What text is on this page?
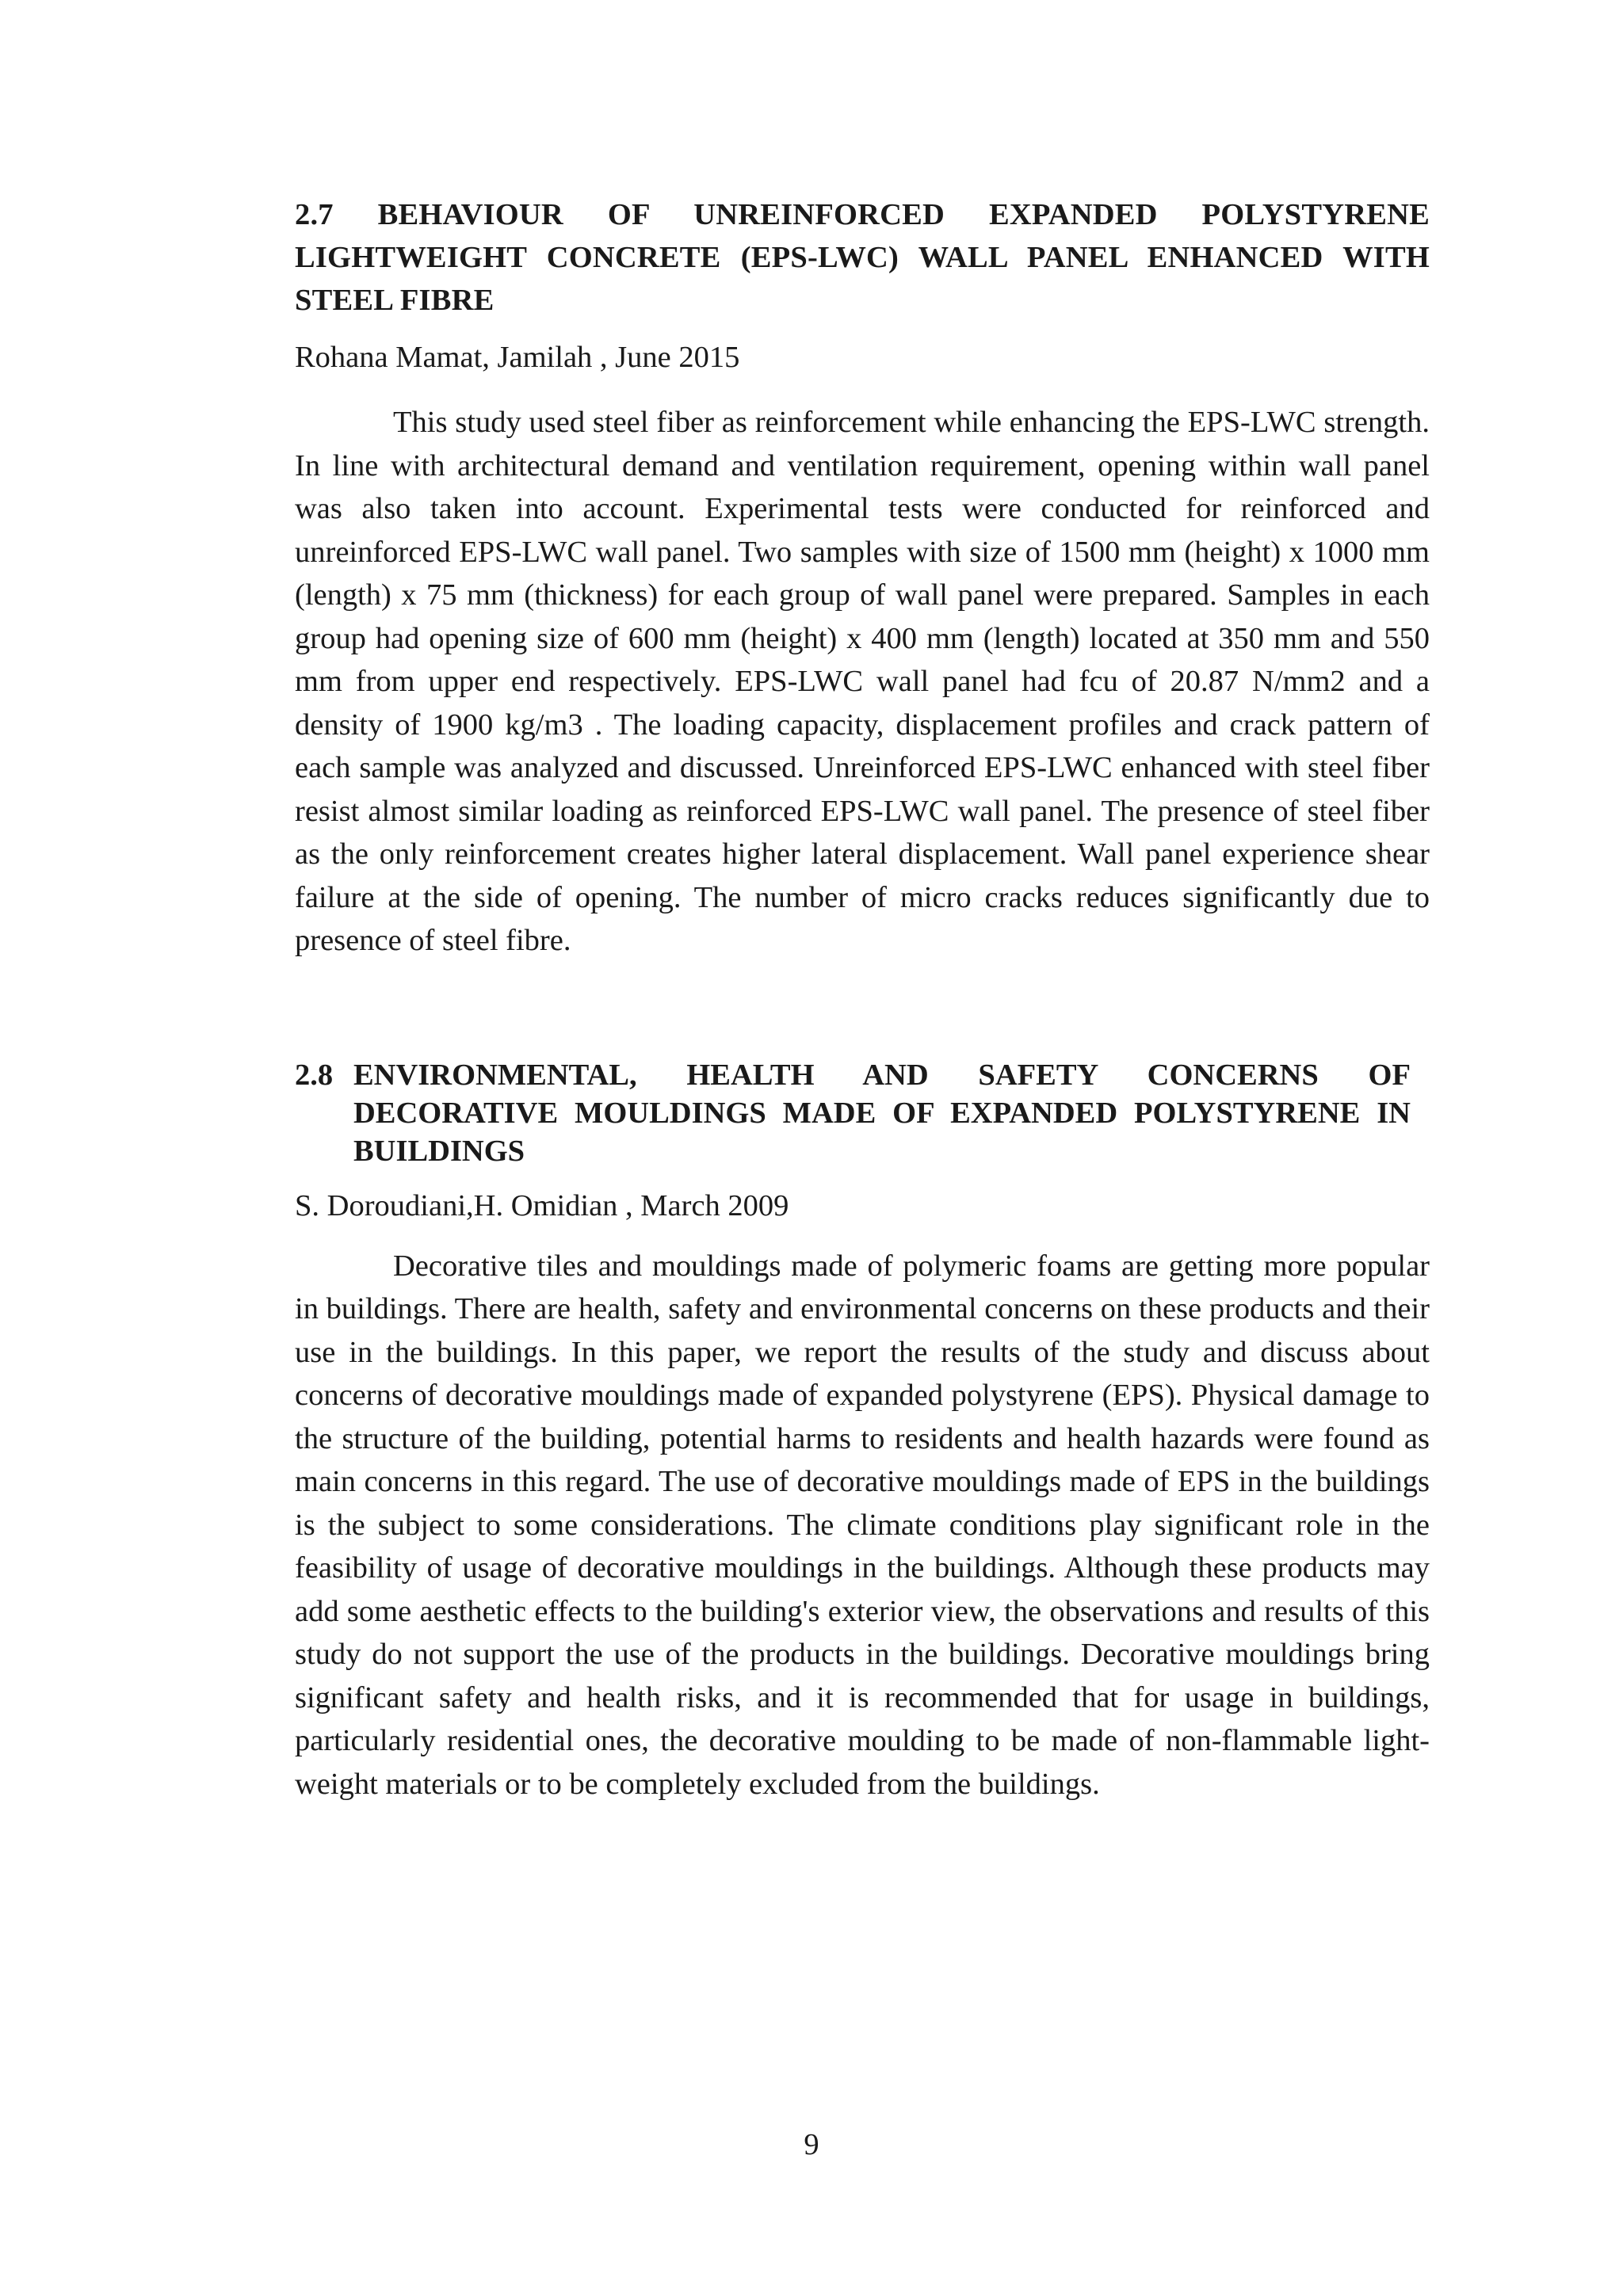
2.7 BEHAVIOUR OF UNREINFORCED EXPANDED POLYSTYRENE LIGHTWEIGHT CONCRETE (EPS-LWC) WALL PANEL ENHANCED WITH STEEL FIBRE

Rohana Mamat, Jamilah , June 2015

This study used steel fiber as reinforcement while enhancing the EPS-LWC strength. In line with architectural demand and ventilation requirement, opening within wall panel was also taken into account. Experimental tests were conducted for reinforced and unreinforced EPS-LWC wall panel. Two samples with size of 1500 mm (height) x 1000 mm (length) x 75 mm (thickness) for each group of wall panel were prepared. Samples in each group had opening size of 600 mm (height) x 400 mm (length) located at 350 mm and 550 mm from upper end respectively. EPS-LWC wall panel had fcu of 20.87 N/mm2 and a density of 1900 kg/m3 . The loading capacity, displacement profiles and crack pattern of each sample was analyzed and discussed. Unreinforced EPS-LWC enhanced with steel fiber resist almost similar loading as reinforced EPS-LWC wall panel. The presence of steel fiber as the only reinforcement creates higher lateral displacement. Wall panel experience shear failure at the side of opening. The number of micro cracks reduces significantly due to presence of steel fibre.

2.8 ENVIRONMENTAL, HEALTH AND SAFETY CONCERNS OF DECORATIVE MOULDINGS MADE OF EXPANDED POLYSTYRENE IN BUILDINGS

S. Doroudiani,H. Omidian , March 2009

Decorative tiles and mouldings made of polymeric foams are getting more popular in buildings. There are health, safety and environmental concerns on these products and their use in the buildings. In this paper, we report the results of the study and discuss about concerns of decorative mouldings made of expanded polystyrene (EPS). Physical damage to the structure of the building, potential harms to residents and health hazards were found as main concerns in this regard. The use of decorative mouldings made of EPS in the buildings is the subject to some considerations. The climate conditions play significant role in the feasibility of usage of decorative mouldings in the buildings. Although these products may add some aesthetic effects to the building's exterior view, the observations and results of this study do not support the use of the products in the buildings. Decorative mouldings bring significant safety and health risks, and it is recommended that for usage in buildings, particularly residential ones, the decorative moulding to be made of non-flammable light-weight materials or to be completely excluded from the buildings.

9
